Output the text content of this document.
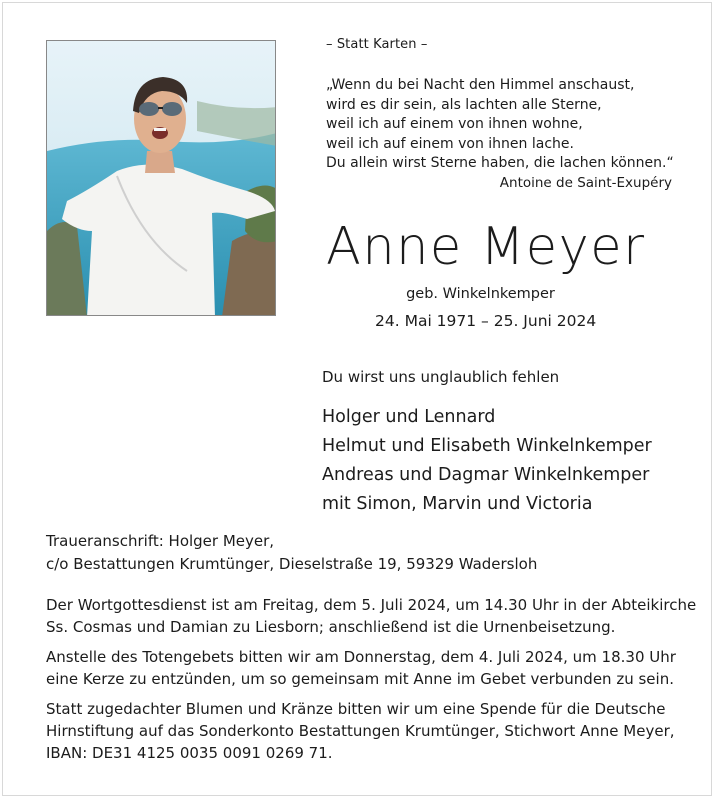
– Statt Karten –
„Wenn du bei Nacht den Himmel anschaust,
wird es dir sein, als lachten alle Sterne,
weil ich auf einem von ihnen wohne,
weil ich auf einem von ihnen lache.
Du allein wirst Sterne haben, die lachen können.“
Antoine de Saint-Exupéry
Anne Meyer
geb. Winkelnkemper
24. Mai 1971 – 25. Juni 2024
Du wirst uns unglaublich fehlen
Holger und Lennard
Helmut und Elisabeth Winkelnkemper
Andreas und Dagmar Winkelnkemper
mit Simon, Marvin und Victoria
Traueranschrift: Holger Meyer,
c/o Bestattungen Krumtünger, Dieselstraße 19, 59329 Wadersloh
Der Wortgottesdienst ist am Freitag, dem 5. Juli 2024, um 14.30 Uhr in der Abteikirche
Ss. Cosmas und Damian zu Liesborn; anschließend ist die Urnenbeisetzung.
Anstelle des Totengebets bitten wir am Donnerstag, dem 4. Juli 2024, um 18.30 Uhr
eine Kerze zu entzünden, um so gemeinsam mit Anne im Gebet verbunden zu sein.
Statt zugedachter Blumen und Kränze bitten wir um eine Spende für die Deutsche
Hirnstiftung auf das Sonderkonto Bestattungen Krumtünger, Stichwort Anne Meyer,
IBAN: DE31 4125 0035 0091 0269 71.
